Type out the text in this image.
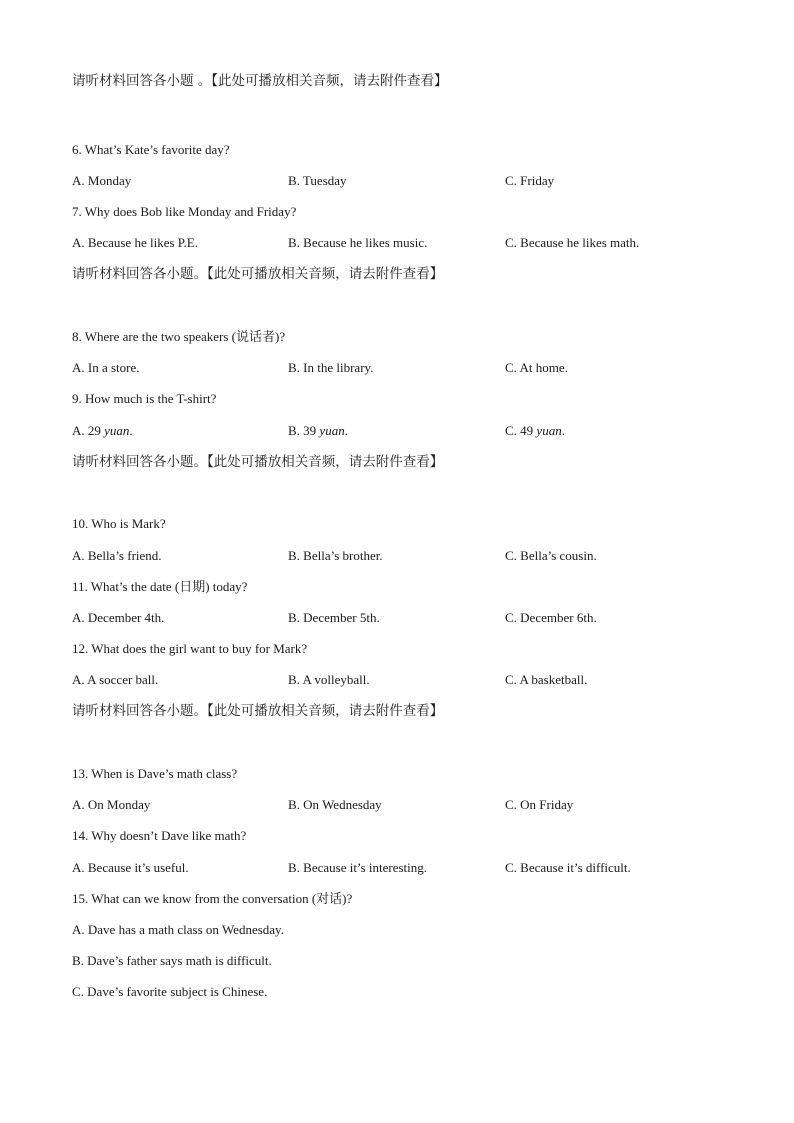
请听材料回答各小题 。【此处可播放相关音频，请去附件查看】
6. What’s Kate’s favorite day?
A. Monday	B. Tuesday	C. Friday
7. Why does Bob like Monday and Friday?
A. Because he likes P.E.	B. Because he likes music.	C. Because he likes math.
请听材料回答各小题。【此处可播放相关音频，请去附件查看】
8. Where are the two speakers (说话者)?
A. In a store.	B. In the library.	C. At home.
9. How much is the T-shirt?
A. 29 yuan.	B. 39 yuan.	C. 49 yuan.
请听材料回答各小题。【此处可播放相关音频，请去附件查看】
10. Who is Mark?
A. Bella’s friend.	B. Bella’s brother.	C. Bella’s cousin.
11. What’s the date (日期) today?
A. December 4th.	B. December 5th.	C. December 6th.
12. What does the girl want to buy for Mark?
A. A soccer ball.	B. A volleyball.	C. A basketball.
请听材料回答各小题。【此处可播放相关音频，请去附件查看】
13. When is Dave’s math class?
A. On Monday	B. On Wednesday	C. On Friday
14. Why doesn’t Dave like math?
A. Because it’s useful.	B. Because it’s interesting.	C. Because it’s difficult.
15. What can we know from the conversation (对话)?
A. Dave has a math class on Wednesday.
B. Dave’s father says math is difficult.
C. Dave’s favorite subject is Chinese.
